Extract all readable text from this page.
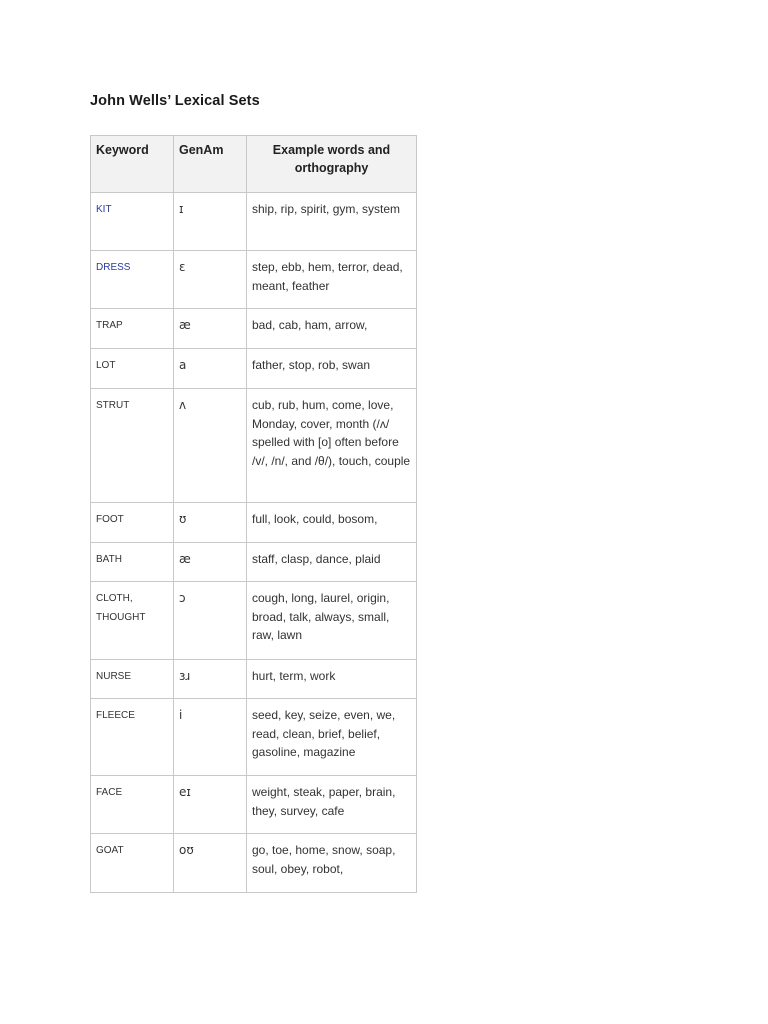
John Wells’ Lexical Sets
Keyword	GenAm	Example words and orthography
KIT	ɪ	ship, rip, spirit, gym, system
DRESS	ɛ	step, ebb, hem, terror, dead, meant, feather
TRAP	æ	bad, cab, ham, arrow,
LOT	a	father, stop, rob, swan
STRUT	ʌ	cub, rub, hum, come, love, Monday, cover, month (/ʌ/ spelled with [o] often before /v/, /n/, and /θ/), touch, couple
FOOT	ʊ	full, look, could, bosom,
BATH	æ	staff, clasp, dance, plaid
CLOTH, THOUGHT	ɔ	cough, long, laurel, origin, broad, talk, always, small, raw, lawn
NURSE	ɜɹ	hurt, term, work
FLEECE	i	seed, key, seize, even, we, read, clean, brief, belief, gasoline, magazine
FACE	eɪ	weight, steak, paper, brain, they, survey, cafe
GOAT	oʊ	go, toe, home, snow, soap, soul, obey, robot,
